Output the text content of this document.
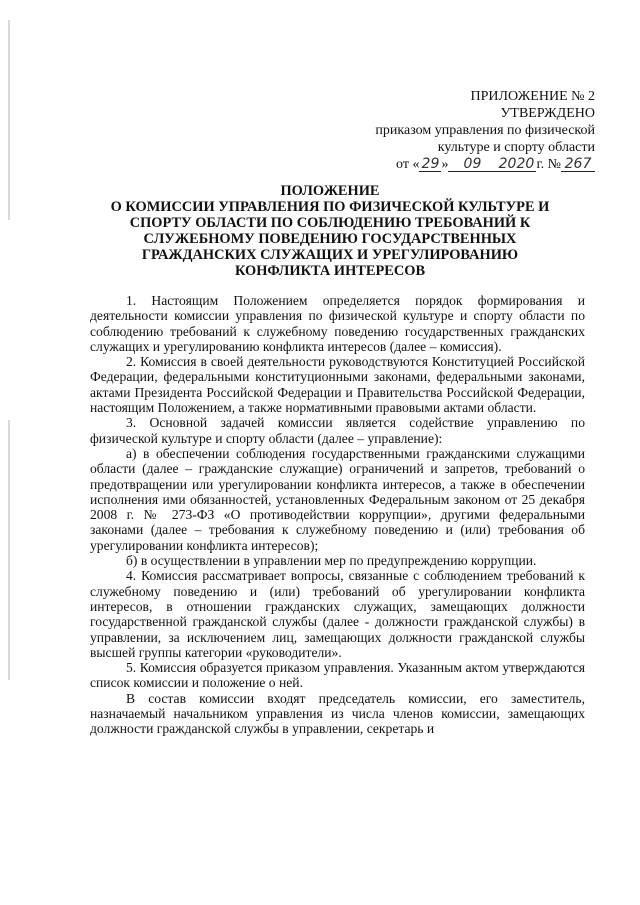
ПРИЛОЖЕНИЕ № 2
УТВЕРЖДЕНО
приказом управления по физической
культуре и спорту области
от « 29 » 09 2020 г. № 267
ПОЛОЖЕНИЕ
О КОМИССИИ УПРАВЛЕНИЯ ПО ФИЗИЧЕСКОЙ КУЛЬТУРЕ И
СПОРТУ ОБЛАСТИ ПО СОБЛЮДЕНИЮ ТРЕБОВАНИЙ К
СЛУЖЕБНОМУ ПОВЕДЕНИЮ ГОСУДАРСТВЕННЫХ
ГРАЖДАНСКИХ СЛУЖАЩИХ И УРЕГУЛИРОВАНИЮ
КОНФЛИКТА ИНТЕРЕСОВ

1. Настоящим Положением определяется порядок формирования и деятельности комиссии управления по физической культуре и спорту области по соблюдению требований к служебному поведению государственных гражданских служащих и урегулированию конфликта интересов (далее – комиссия).

2. Комиссия в своей деятельности руководствуются Конституцией Российской Федерации, федеральными конституционными законами, федеральными законами, актами Президента Российской Федерации и Правительства Российской Федерации, настоящим Положением, а также нормативными правовыми актами области.

3. Основной задачей комиссии является содействие управлению по физической культуре и спорту области (далее – управление):

а) в обеспечении соблюдения государственными гражданскими служащими области (далее – гражданские служащие) ограничений и запретов, требований о предотвращении или урегулировании конфликта интересов, а также в обеспечении исполнения ими обязанностей, установленных Федеральным законом от 25 декабря 2008 г. № 273-ФЗ «О противодействии коррупции», другими федеральными законами (далее – требования к служебному поведению и (или) требования об урегулировании конфликта интересов);

б) в осуществлении в управлении мер по предупреждению коррупции.

4. Комиссия рассматривает вопросы, связанные с соблюдением требований к служебному поведению и (или) требований об урегулировании конфликта интересов, в отношении гражданских служащих, замещающих должности государственной гражданской службы (далее - должности гражданской службы) в управлении, за исключением лиц, замещающих должности гражданской службы высшей группы категории «руководители».

5. Комиссия образуется приказом управления. Указанным актом утверждаются список комиссии и положение о ней.

В состав комиссии входят председатель комиссии, его заместитель, назначаемый начальником управления из числа членов комиссии, замещающих должности гражданской службы в управлении, секретарь и
